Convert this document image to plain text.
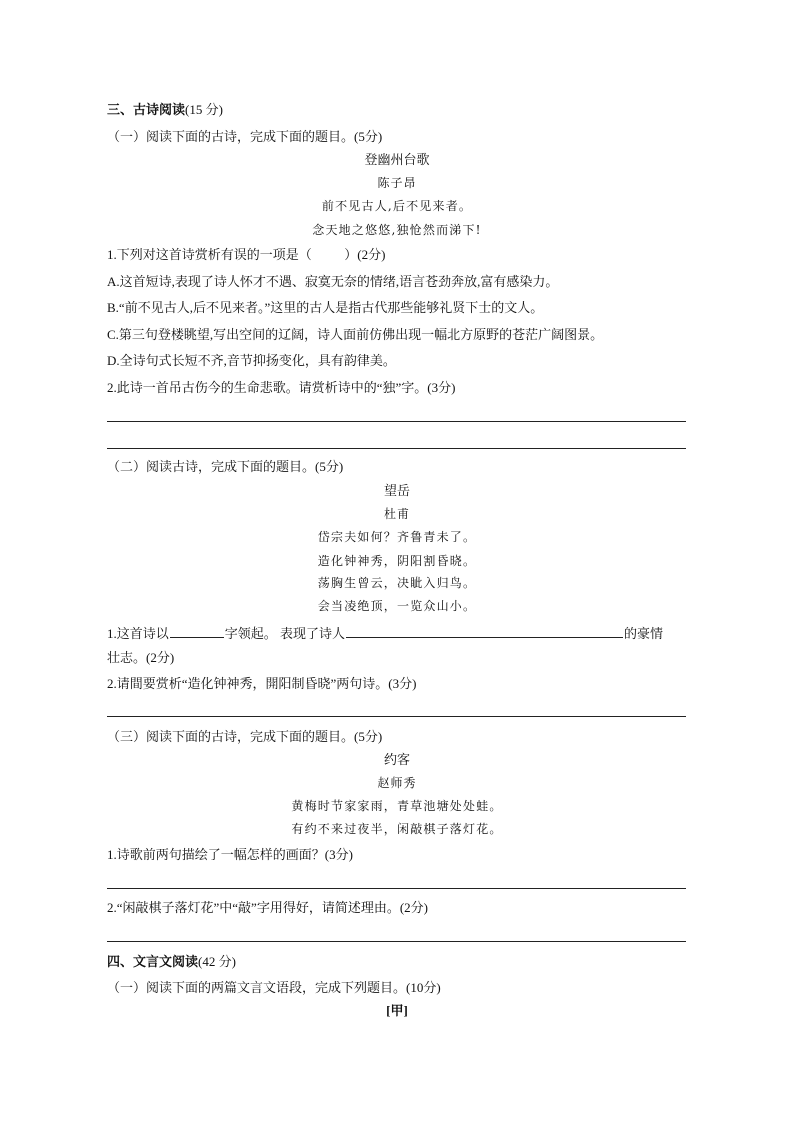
三、古诗阅读(15 分)
（一）阅读下面的古诗，完成下面的题目。(5分)
登幽州台歌
陈子昂
前不见古人,后不见来者。
念天地之悠悠,独怆然而涕下!
1.下列对这首诗赏析有误的一项是（          ）(2分)
A.这首短诗,表现了诗人怀才不遇、寂寞无奈的情绪,语言苍劲奔放,富有感染力。
B.“前不见古人,后不见来者。”这里的古人是指古代那些能够礼贤下士的文人。
C.第三句登楼眺望,写出空间的辽阔，诗人面前仿佛出现一幅北方原野的苍茫广阔图景。
D.全诗句式长短不齐,音节抑扬变化，具有韵律美。
2.此诗一首吊古伤今的生命悲歌。请赏析诗中的“独”字。(3分)
（二）阅读古诗，完成下面的题目。(5分)
望岳
杜甫
岱宗夫如何？齐鲁青未了。
造化钟神秀，阴阳割昏晓。
荡胸生曾云，决眦入归鸟。
会当凌绝顶，一览众山小。
1.这首诗以	字领起。 表现了诗人	的豪情
壮志。(2分)
2.请間要赏析“造化钟神秀，開阳制昏晓”两句诗。(3分)
（三）阅读下面的古诗，完成下面的题目。(5分)
约客
赵师秀
黄梅时节家家雨，青草池塘处处蛙。
有约不来过夜半，闲敲棋子落灯花。
1.诗歌前两句描绘了一幅怎样的画面？(3分)
2.“闲敲棋子落灯花”中“敲”字用得好，请简述理由。(2分)
四、文言文阅读(42 分)
（一）阅读下面的两篇文言文语段，完成下列题目。(10分)
[甲]
